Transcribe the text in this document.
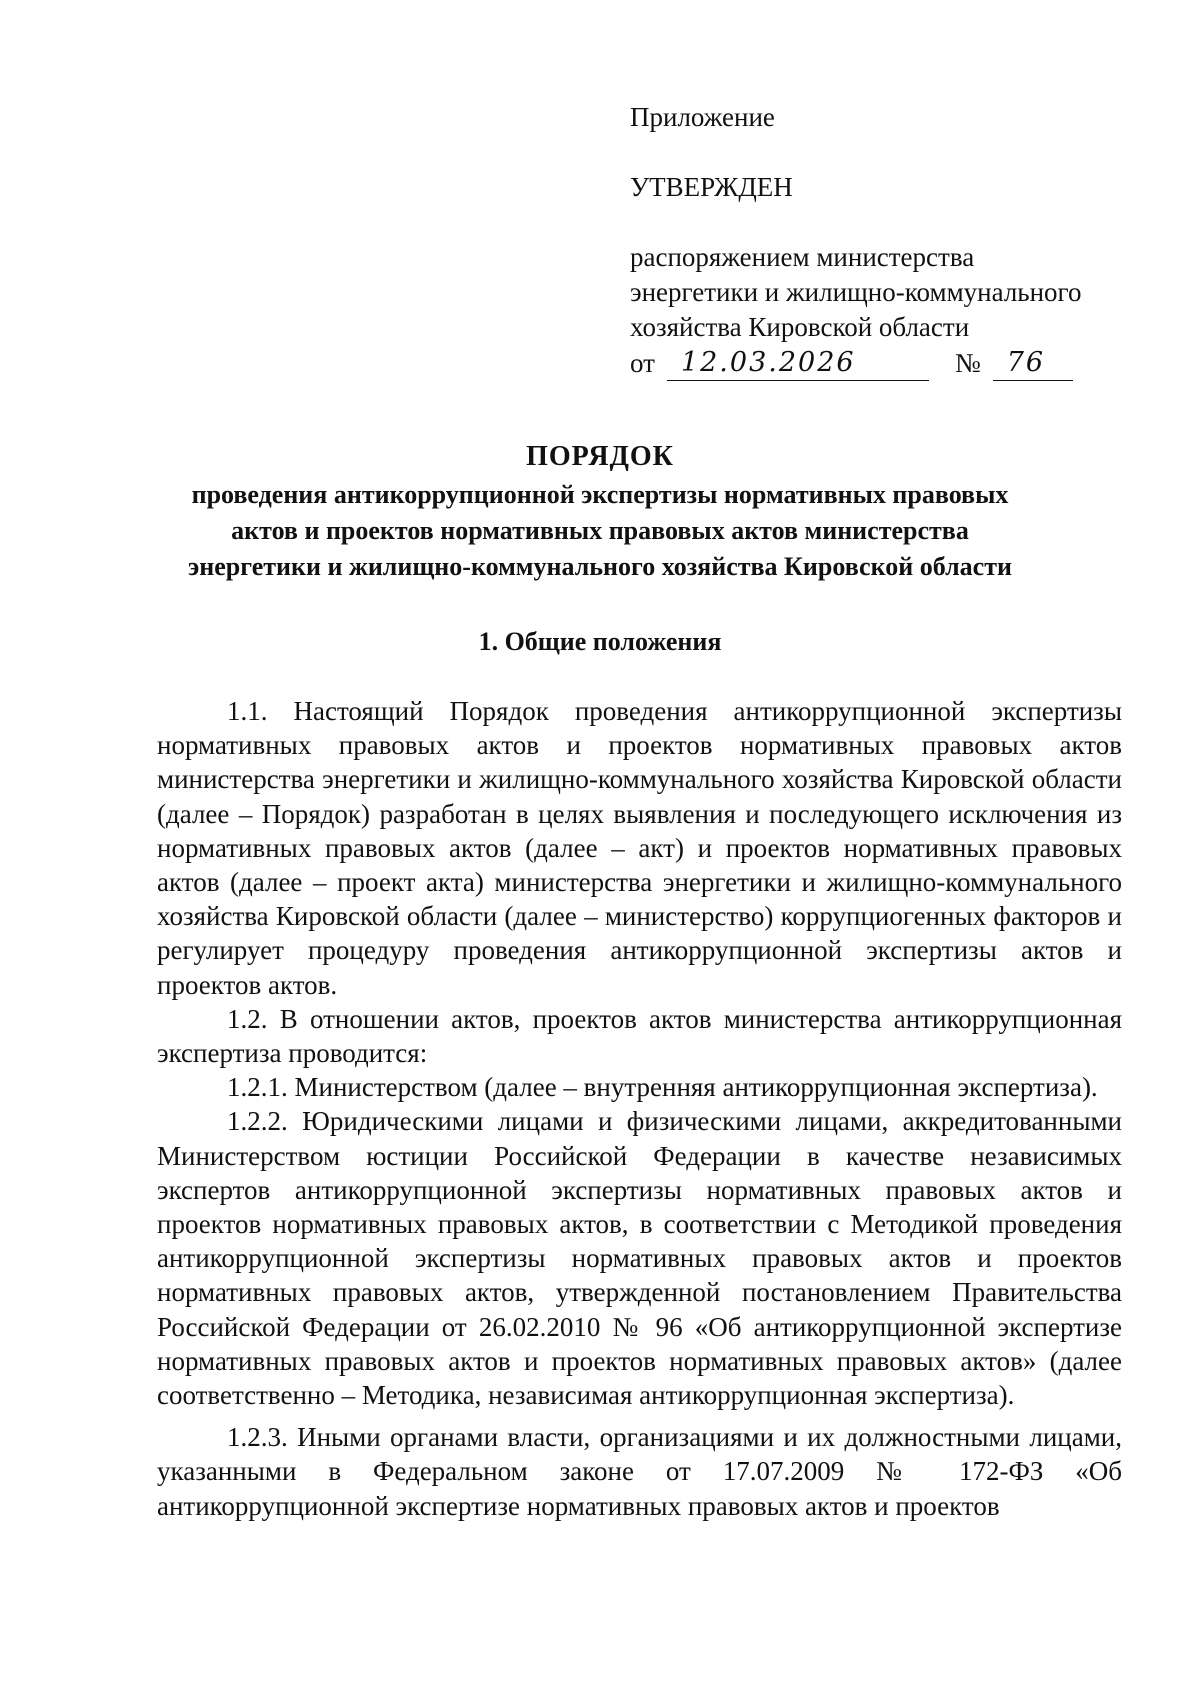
Приложение
УТВЕРЖДЕН
распоряжением министерства
энергетики и жилищно-коммунального
хозяйства Кировской области
от 12.03.2026	№ 76
ПОРЯДОК
проведения антикоррупционной экспертизы нормативных правовых
актов и проектов нормативных правовых актов министерства
энергетики и жилищно-коммунального хозяйства Кировской области
1. Общие положения

1.1. Настоящий Порядок проведения антикоррупционной экспертизы нормативных правовых актов и проектов нормативных правовых актов министерства энергетики и жилищно-коммунального хозяйства Кировской области (далее – Порядок) разработан в целях выявления и последующего исключения из нормативных правовых актов (далее – акт) и проектов нормативных правовых актов (далее – проект акта) министерства энергетики и жилищно-коммунального хозяйства Кировской области (далее – министерство) коррупциогенных факторов и регулирует процедуру проведения антикоррупционной экспертизы актов и проектов актов.

1.2. В отношении актов, проектов актов министерства антикоррупционная экспертиза проводится:

1.2.1. Министерством (далее – внутренняя антикоррупционная экспертиза).

1.2.2. Юридическими лицами и физическими лицами, аккредитованными Министерством юстиции Российской Федерации в качестве независимых экспертов антикоррупционной экспертизы нормативных правовых актов и проектов нормативных правовых актов, в соответствии с Методикой проведения антикоррупционной экспертизы нормативных правовых актов и проектов нормативных правовых актов, утвержденной постановлением Правительства Российской Федерации от 26.02.2010 № 96 «Об антикоррупционной экспертизе нормативных правовых актов и проектов нормативных правовых актов» (далее соответственно – Методика, независимая антикоррупционная экспертиза).

1.2.3. Иными органами власти, организациями и их должностными лицами, указанными в Федеральном законе от 17.07.2009 № 172-ФЗ «Об антикоррупционной экспертизе нормативных правовых актов и проектов
